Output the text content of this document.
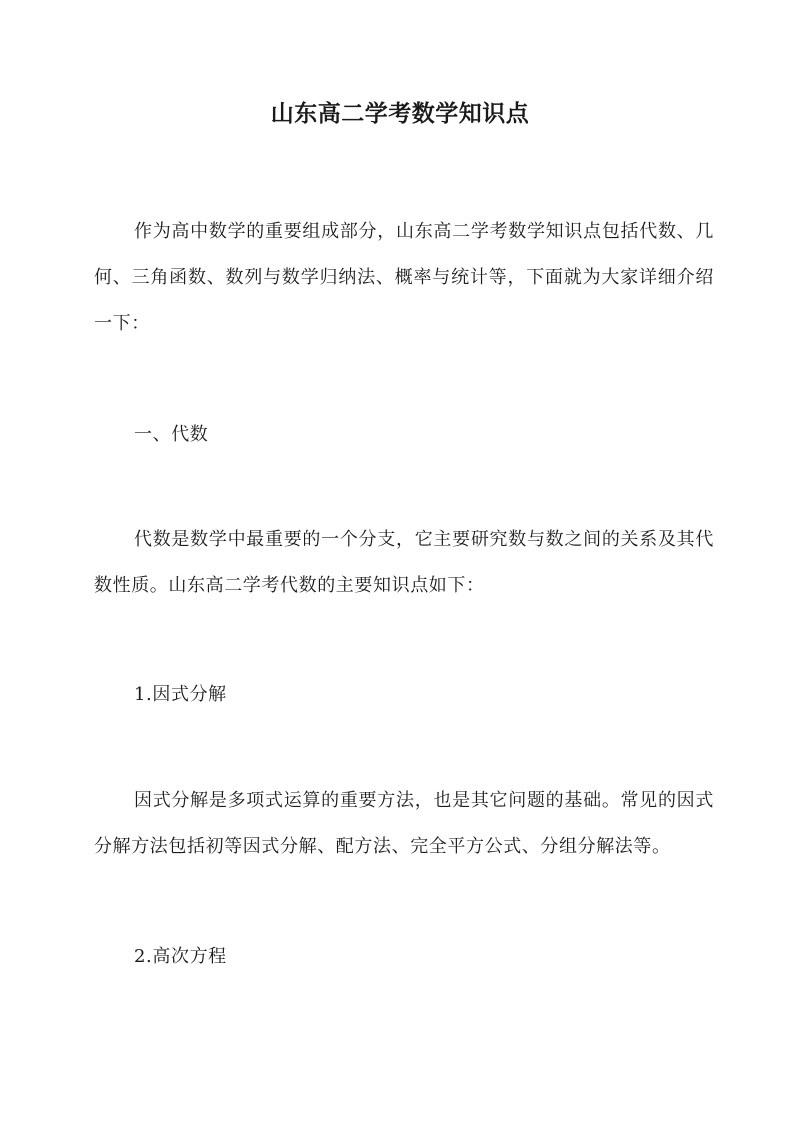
山东高二学考数学知识点

作为高中数学的重要组成部分，山东高二学考数学知识点包括代数、几何、三角函数、数列与数学归纳法、概率与统计等，下面就为大家详细介绍一下：

一、代数

代数是数学中最重要的一个分支，它主要研究数与数之间的关系及其代数性质。山东高二学考代数的主要知识点如下：

1.因式分解

因式分解是多项式运算的重要方法，也是其它问题的基础。常见的因式分解方法包括初等因式分解、配方法、完全平方公式、分组分解法等。

2.高次方程
